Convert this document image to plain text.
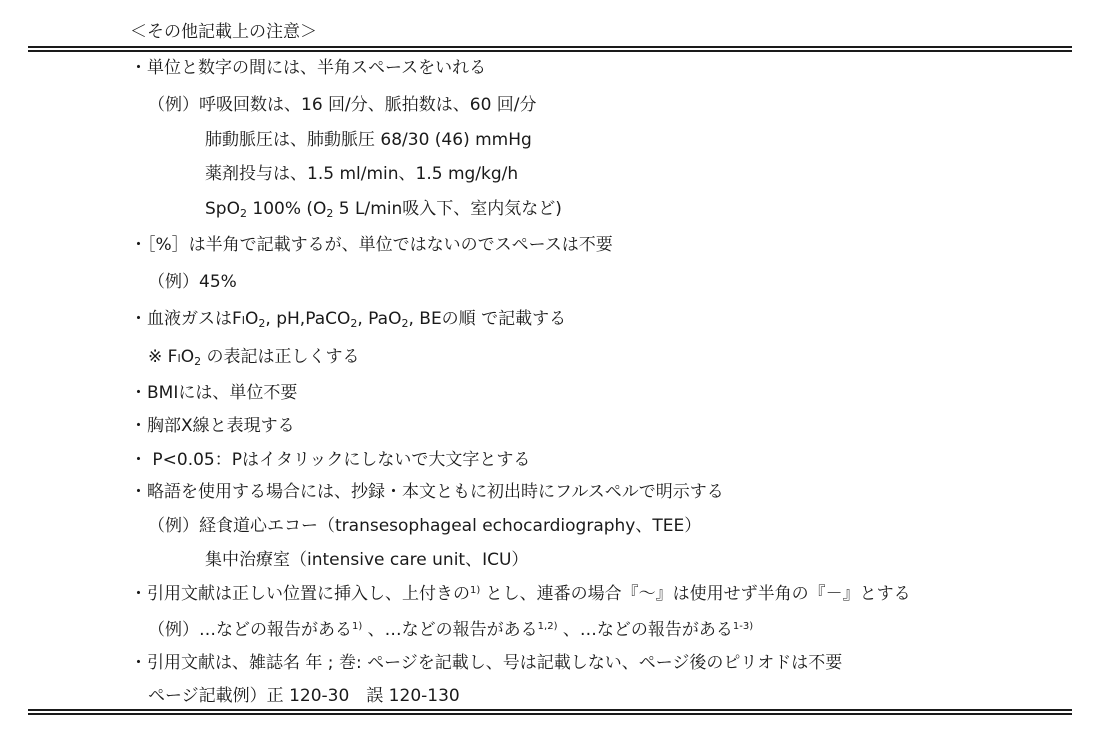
＜その他記載上の注意＞
・単位と数字の間には、半角スペースをいれる
（例）呼吸回数は、16 回/分、脈拍数は、60 回/分
肺動脈圧は、肺動脈圧 68/30 (46) mmHg
薬剤投与は、1.5 ml/min、1.5 mg/kg/h
SpO$_2$ 100% ($O_2$ 5 L/min吸入下、室内気など)
・［%］は半角で記載するが、単位ではないのでスペースは不要
（例）45%
・血液ガスは$FIO_2$, pH,PaCO$_2$, PaO$_2$, BEの順 で記載する
※ $FIO_2$ の表記は正しくする
・BMIには、単位不要
・胸部X線と表現する
・ P<0.05：Pはイタリックにしないで大文字とする
・略語を使用する場合には、抄録・本文ともに初出時にフルスペルで明示する
（例）経食道心エコー（transesophageal echocardiography、TEE）
集中治療室（intensive care unit、ICU）
・引用文献は正しい位置に挿入し、上付きの$^{1)}$ とし、連番の場合『〜』は使用せず半角の『－』とする
（例）…などの報告がある$^{1)}$ 、…などの報告がある$^{1,2)}$ 、…などの報告がある$^{1-3)}$
・引用文献は、雑誌名 年 ; 巻: ページを記載し、号は記載しない、ページ後のピリオドは不要
ページ記載例）正 120-30　誤 120-130
